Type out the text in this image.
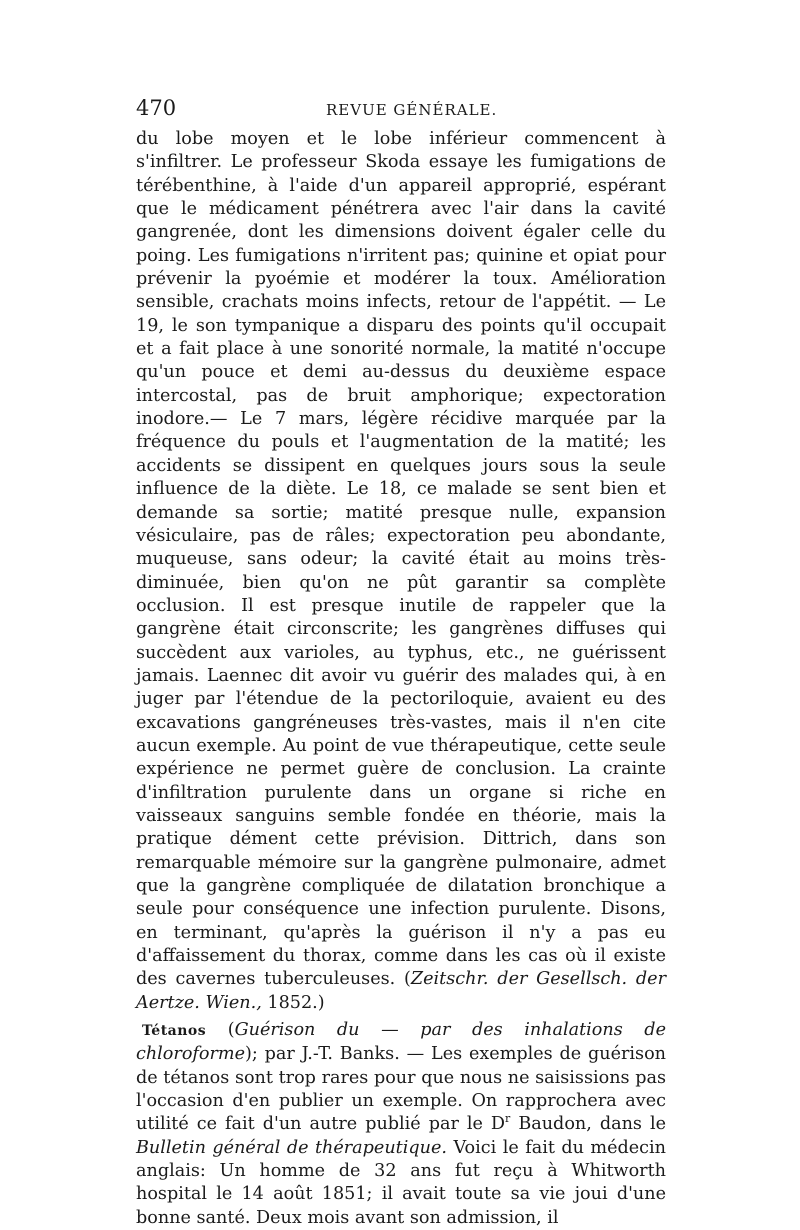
470	REVUE GÉNÉRALE.

du lobe moyen et le lobe inférieur commencent à s'infiltrer. Le professeur Skoda essaye les fumigations de térébenthine, à l'aide d'un appareil approprié, espérant que le médicament pénétrera avec l'air dans la cavité gangrenée, dont les dimensions doivent égaler celle du poing. Les fumigations n'irritent pas; quinine et opiat pour prévenir la pyoémie et modérer la toux. Amélioration sensible, crachats moins infects, retour de l'appétit. — Le 19, le son tympanique a disparu des points qu'il occupait et a fait place à une sonorité normale, la matité n'occupe qu'un pouce et demi au-dessus du deuxième espace intercostal, pas de bruit amphorique; expectoration inodore.— Le 7 mars, légère récidive marquée par la fréquence du pouls et l'augmentation de la matité; les accidents se dissipent en quelques jours sous la seule influence de la diète. Le 18, ce malade se sent bien et demande sa sortie; matité presque nulle, expansion vésiculaire, pas de râles; expectoration peu abondante, muqueuse, sans odeur; la cavité était au moins très-diminuée, bien qu'on ne pût garantir sa complète occlusion. Il est presque inutile de rappeler que la gangrène était circonscrite; les gangrènes diffuses qui succèdent aux varioles, au typhus, etc., ne guérissent jamais. Laennec dit avoir vu guérir des malades qui, à en juger par l'étendue de la pectoriloquie, avaient eu des excavations gangréneuses très-vastes, mais il n'en cite aucun exemple. Au point de vue thérapeutique, cette seule expérience ne permet guère de conclusion. La crainte d'infiltration purulente dans un organe si riche en vaisseaux sanguins semble fondée en théorie, mais la pratique dément cette prévision. Dittrich, dans son remarquable mémoire sur la gangrène pulmonaire, admet que la gangrène compliquée de dilatation bronchique a seule pour conséquence une infection purulente. Disons, en terminant, qu'après la guérison il n'y a pas eu d'affaissement du thorax, comme dans les cas où il existe des cavernes tuberculeuses. (Zeitschr. der Gesellsch. der Aertze. Wien., 1852.)

Tétanos (Guérison du — par des inhalations de chloroforme); par J.-T. Banks. — Les exemples de guérison de tétanos sont trop rares pour que nous ne saisissions pas l'occasion d'en publier un exemple. On rapprochera avec utilité ce fait d'un autre publié par le $D^r$ Baudon, dans le Bulletin général de thérapeutique. Voici le fait du médecin anglais: Un homme de 32 ans fut reçu à Whitworth hospital le 14 août 1851; il avait toute sa vie joui d'une bonne santé. Deux mois avant son admission, il
